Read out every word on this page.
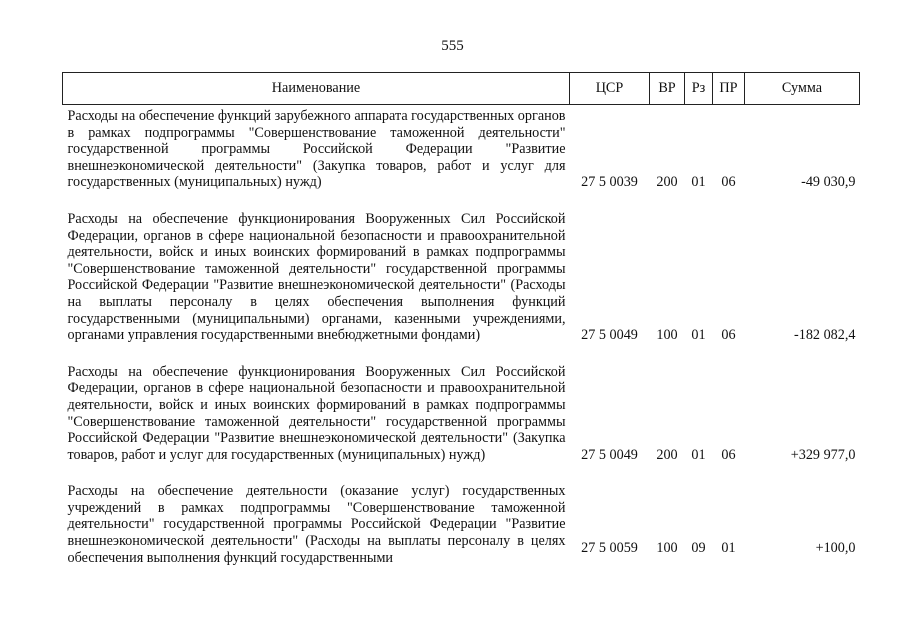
555
Наименование	ЦСР	ВР	Рз	ПР	Сумма
Расходы на обеспечение функций зарубежного аппарата государственных органов в рамках подпрограммы "Совершенствование таможенной деятельности" государственной программы Российской Федерации "Развитие внешнеэкономической деятельности" (Закупка товаров, работ и услуг для государственных (муниципальных) нужд)	27 5 0039	200	01	06	-49 030,9
Расходы на обеспечение функционирования Вооруженных Сил Российской Федерации, органов в сфере национальной безопасности и правоохранительной деятельности, войск и иных воинских формирований в рамках подпрограммы "Совершенствование таможенной деятельности" государственной программы Российской Федерации "Развитие внешнеэкономической деятельности" (Расходы на выплаты персоналу в целях обеспечения выполнения функций государственными (муниципальными) органами, казенными учреждениями, органами управления государственными внебюджетными фондами)	27 5 0049	100	01	06	-182 082,4
Расходы на обеспечение функционирования Вооруженных Сил Российской Федерации, органов в сфере национальной безопасности и правоохранительной деятельности, войск и иных воинских формирований в рамках подпрограммы "Совершенствование таможенной деятельности" государственной программы Российской Федерации "Развитие внешнеэкономической деятельности" (Закупка товаров, работ и услуг для государственных (муниципальных) нужд)	27 5 0049	200	01	06	+329 977,0
Расходы на обеспечение деятельности (оказание услуг) государственных учреждений в рамках подпрограммы "Совершенствование таможенной деятельности" государственной программы Российской Федерации "Развитие внешнеэкономической деятельности" (Расходы на выплаты персоналу в целях обеспечения выполнения функций государственными	27 5 0059	100	09	01	+100,0
